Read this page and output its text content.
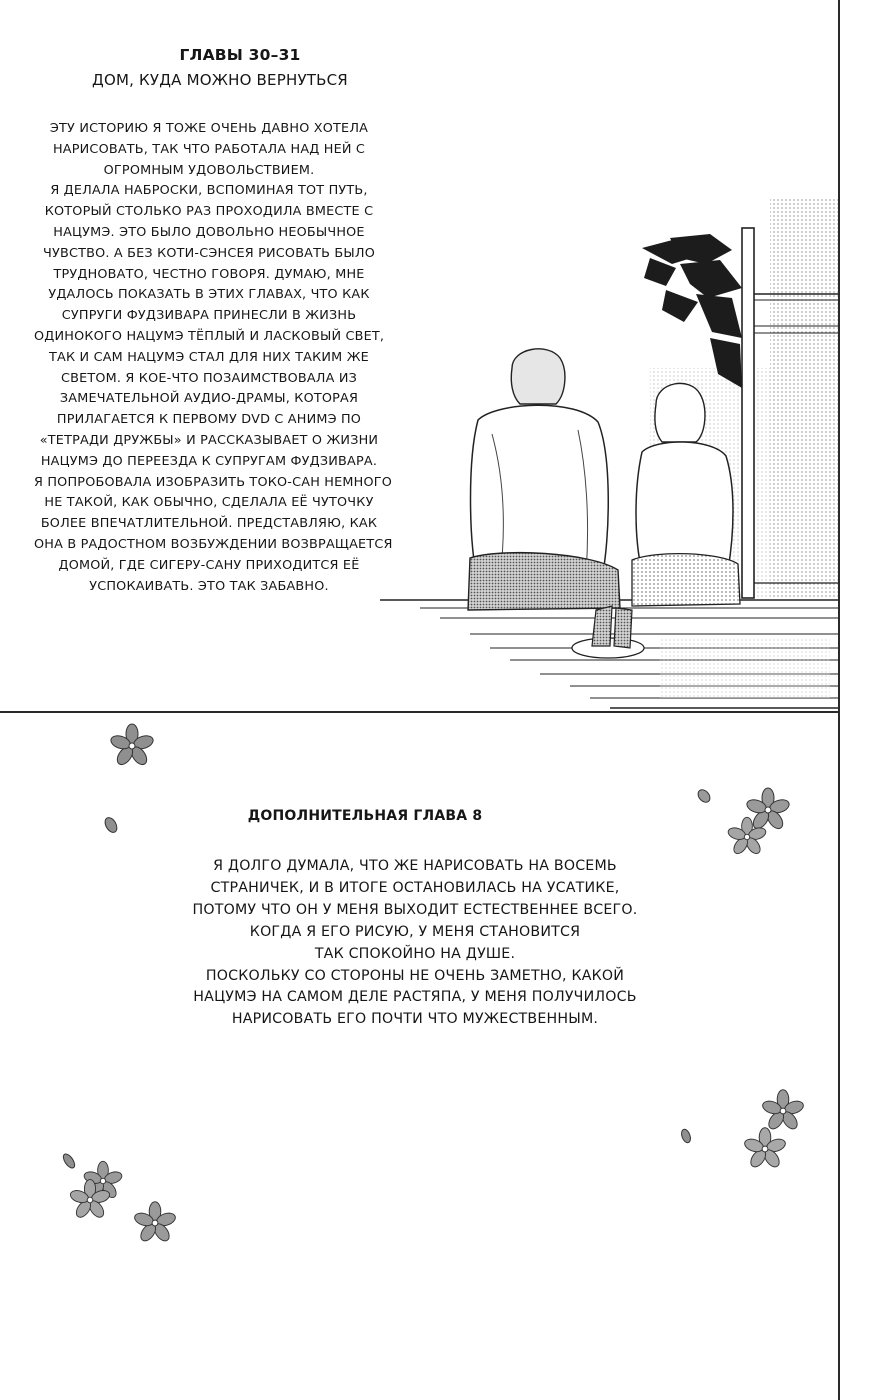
ГЛАВЫ 30–31
ДОМ, КУДА МОЖНО ВЕРНУТЬСЯ
ЭТУ ИСТОРИЮ Я ТОЖЕ ОЧЕНЬ ДАВНО ХОТЕЛА
НАРИСОВАТЬ, ТАК ЧТО РАБОТАЛА НАД НЕЙ С
ОГРОМНЫМ УДОВОЛЬСТВИЕМ.
Я ДЕЛАЛА НАБРОСКИ, ВСПОМИНАЯ ТОТ ПУТЬ,
КОТОРЫЙ СТОЛЬКО РАЗ ПРОХОДИЛА ВМЕСТЕ С
НАЦУМЭ. ЭТО БЫЛО ДОВОЛЬНО НЕОБЫЧНОЕ
ЧУВСТВО. А БЕЗ КОТИ-СЭНСЕЯ РИСОВАТЬ БЫЛО
ТРУДНОВАТО, ЧЕСТНО ГОВОРЯ. ДУМАЮ, МНЕ
УДАЛОСЬ ПОКАЗАТЬ В ЭТИХ ГЛАВАХ, ЧТО КАК
СУПРУГИ ФУДЗИВАРА ПРИНЕСЛИ В ЖИЗНЬ
ОДИНОКОГО НАЦУМЭ ТЁПЛЫЙ И ЛАСКОВЫЙ СВЕТ,
ТАК И САМ НАЦУМЭ СТАЛ ДЛЯ НИХ ТАКИМ ЖЕ
СВЕТОМ. Я КОЕ-ЧТО ПОЗАИМСТВОВАЛА ИЗ
ЗАМЕЧАТЕЛЬНОЙ АУДИО-ДРАМЫ, КОТОРАЯ
ПРИЛАГАЕТСЯ К ПЕРВОМУ DVD С АНИМЭ ПО
«ТЕТРАДИ ДРУЖБЫ» И РАССКАЗЫВАЕТ О ЖИЗНИ
НАЦУМЭ ДО ПЕРЕЕЗДА К СУПРУГАМ ФУДЗИВАРА.
Я ПОПРОБОВАЛА ИЗОБРАЗИТЬ ТОКО-САН НЕМНОГО
НЕ ТАКОЙ, КАК ОБЫЧНО, СДЕЛАЛА ЕЁ ЧУТОЧКУ
БОЛЕЕ ВПЕЧАТЛИТЕЛЬНОЙ. ПРЕДСТАВЛЯЮ, КАК
ОНА В РАДОСТНОМ ВОЗБУЖДЕНИИ ВОЗВРАЩАЕТСЯ
ДОМОЙ, ГДЕ СИГЕРУ-САНУ ПРИХОДИТСЯ ЕЁ
УСПОКАИВАТЬ. ЭТО ТАК ЗАБАВНО.
ДОПОЛНИТЕЛЬНАЯ ГЛАВА 8
Я ДОЛГО ДУМАЛА, ЧТО ЖЕ НАРИСОВАТЬ НА ВОСЕМЬ
СТРАНИЧЕК, И В ИТОГЕ ОСТАНОВИЛАСЬ НА УСАТИКЕ,
ПОТОМУ ЧТО ОН У МЕНЯ ВЫХОДИТ ЕСТЕСТВЕННЕЕ ВСЕГО.
КОГДА Я ЕГО РИСУЮ, У МЕНЯ СТАНОВИТСЯ
ТАК СПОКОЙНО НА ДУШЕ.
ПОСКОЛЬКУ СО СТОРОНЫ НЕ ОЧЕНЬ ЗАМЕТНО, КАКОЙ
НАЦУМЭ НА САМОМ ДЕЛЕ РАСТЯПА, У МЕНЯ ПОЛУЧИЛОСЬ
НАРИСОВАТЬ ЕГО ПОЧТИ ЧТО МУЖЕСТВЕННЫМ.
